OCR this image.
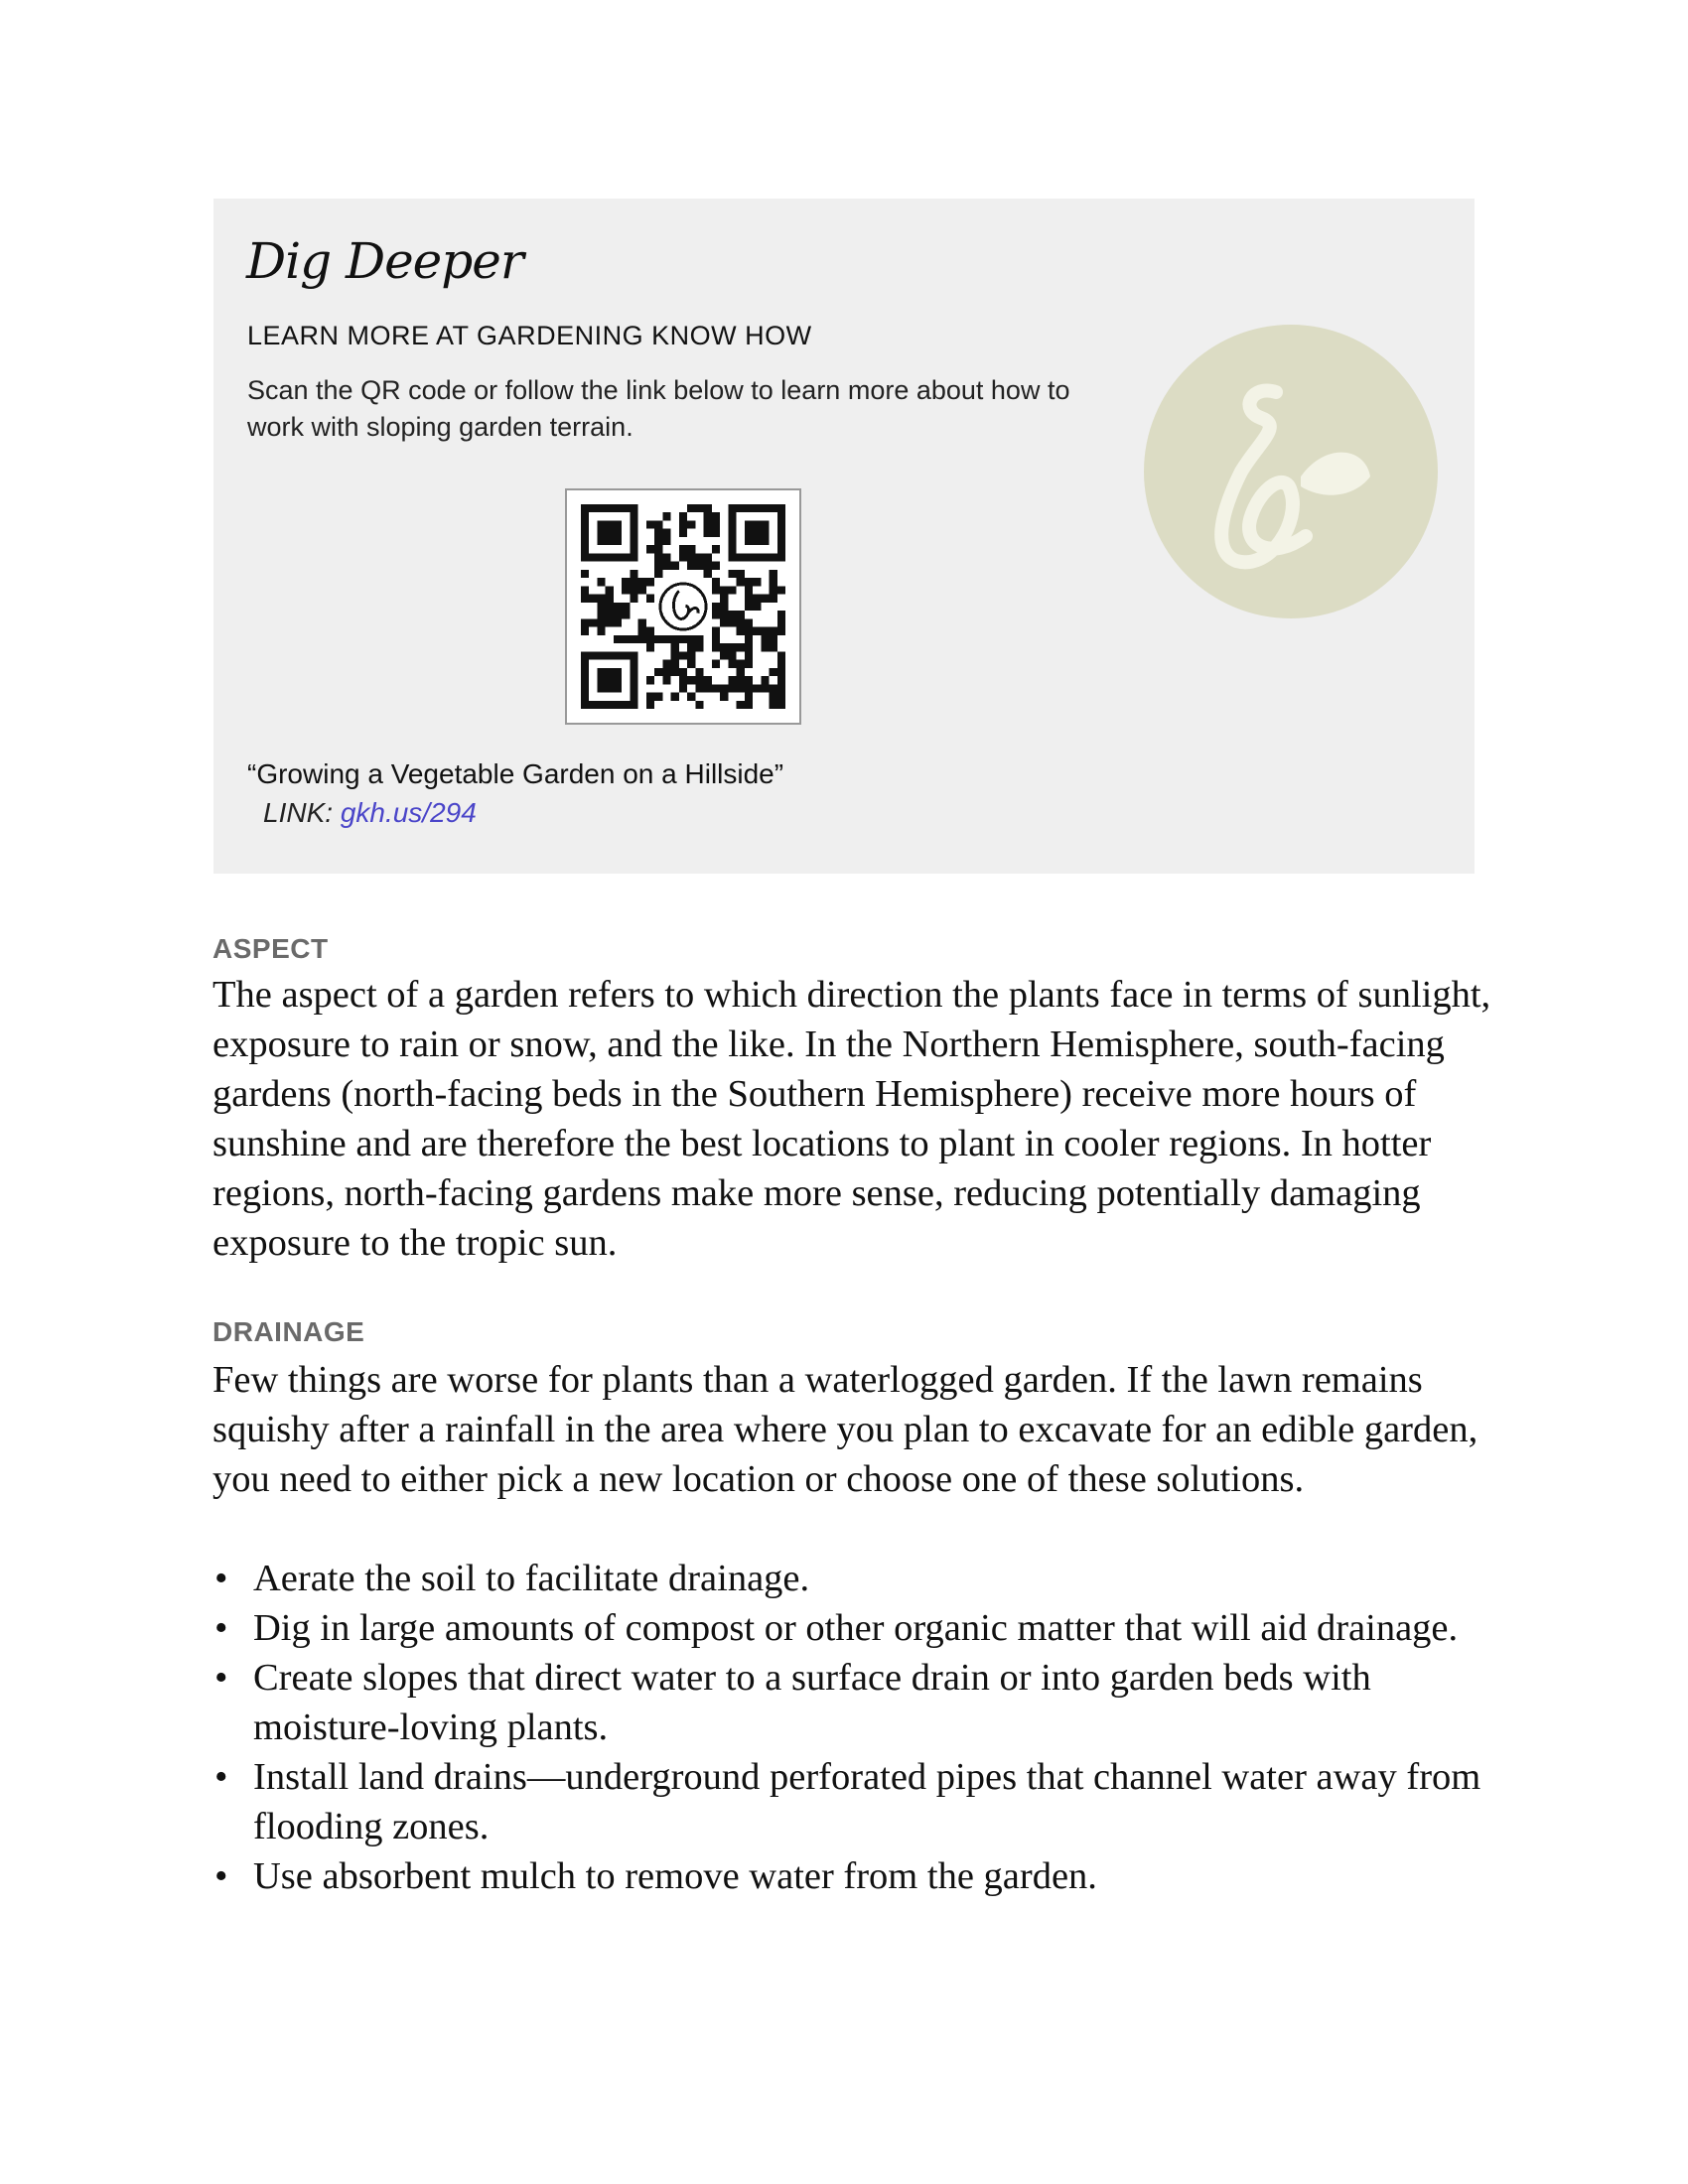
Dig Deeper
LEARN MORE AT GARDENING KNOW HOW
Scan the QR code or follow the link below to learn more about how to work with sloping garden terrain.
“Growing a Vegetable Garden on a Hillside”
LINK: gkh.us/294
ASPECT
The aspect of a garden refers to which direction the plants face in terms of sunlight, exposure to rain or snow, and the like. In the Northern Hemisphere, south-facing gardens (north-facing beds in the Southern Hemisphere) receive more hours of sunshine and are therefore the best locations to plant in cooler regions. In hotter regions, north-facing gardens make more sense, reducing potentially damaging exposure to the tropic sun.
DRAINAGE
Few things are worse for plants than a waterlogged garden. If the lawn remains squishy after a rainfall in the area where you plan to excavate for an edible garden, you need to either pick a new location or choose one of these solutions.
• Aerate the soil to facilitate drainage.
• Dig in large amounts of compost or other organic matter that will aid drainage.
• Create slopes that direct water to a surface drain or into garden beds with moisture-loving plants.
• Install land drains—underground perforated pipes that channel water away from flooding zones.
• Use absorbent mulch to remove water from the garden.
